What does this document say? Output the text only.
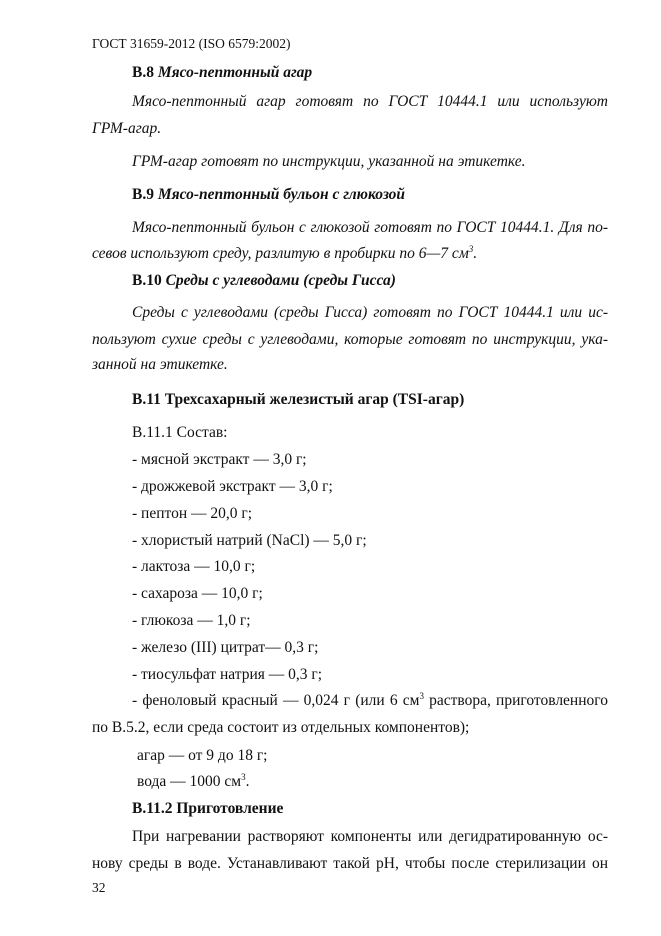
ГОСТ 31659-2012 (ISO 6579:2002)
В.8 Мясо-пептонный агар
Мясо-пептонный агар готовят по ГОСТ 10444.1 или используют
ГРМ-агар.
ГРМ-агар готовят по инструкции, указанной на этикетке.
В.9 Мясо-пептонный бульон с глюкозой
Мясо-пептонный бульон с глюкозой готовят по ГОСТ 10444.1. Для по-
севов используют среду, разлитую в пробирки по 6—7 $см^3$.
В.10 Среды с углеводами (среды Гисса)
Среды с углеводами (среды Гисса) готовят по ГОСТ 10444.1 или ис-
пользуют сухие среды с углеводами, которые готовят по инструкции, ука-
занной на этикетке.
В.11 Трехсахарный железистый агар (TSI-агар)
В.11.1 Состав:
- мясной экстракт — 3,0 г;
- дрожжевой экстракт — 3,0 г;
- пептон — 20,0 г;
- хлористый натрий (NaCl) — 5,0 г;
- лактоза — 10,0 г;
- сахароза — 10,0 г;
- глюкоза — 1,0 г;
- железо (III) цитрат— 0,3 г;
- тиосульфат натрия — 0,3 г;
- феноловый красный — 0,024 г (или 6 $см^3$ раствора, приготовленного
по В.5.2, если среда состоит из отдельных компонентов);
агар — от 9 до 18 г;
вода — 1000 $см^3$.
В.11.2 Приготовление
При нагревании растворяют компоненты или дегидратированную ос-
нову среды в воде. Устанавливают такой рН, чтобы после стерилизации он
32
